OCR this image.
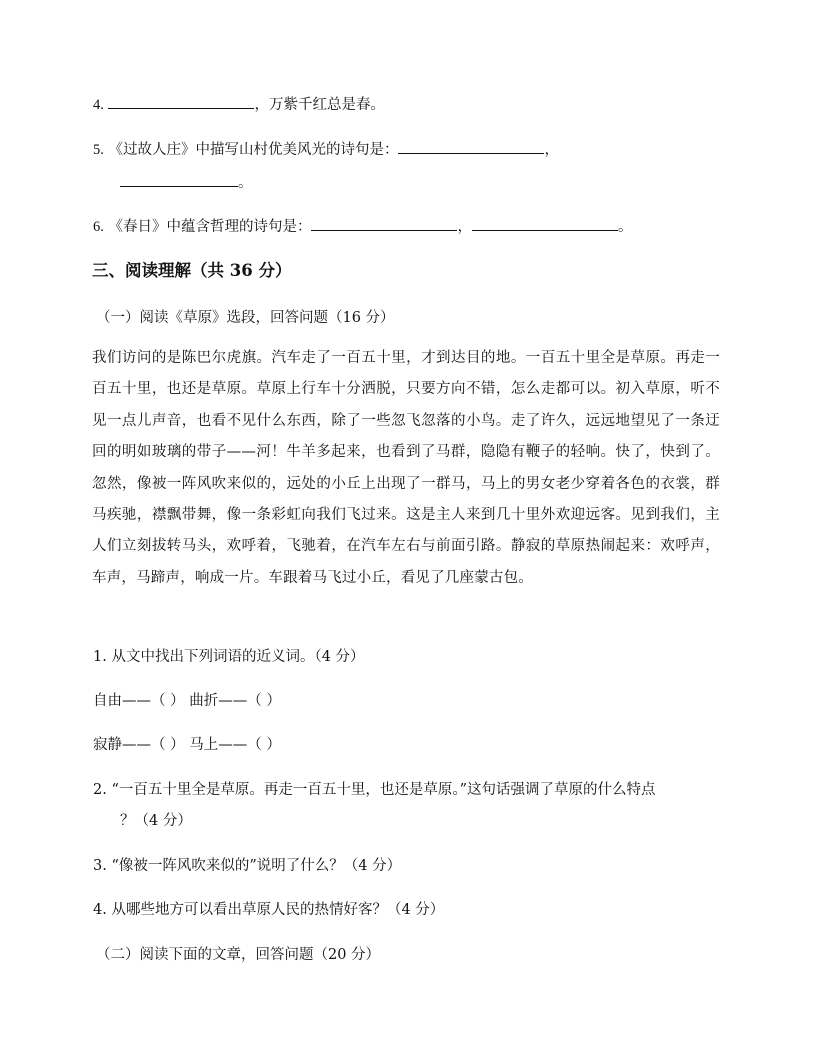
4.	，万紫千红总是春。
5. 《过故人庄》中描写山村优美风光的诗句是：	，
。
6. 《春日》中蕴含哲理的诗句是：	，	。
三、阅读理解（共 36 分）
（一）阅读《草原》选段，回答问题（16 分）

我们访问的是陈巴尔虎旗。汽车走了一百五十里，才到达目的地。一百五十里全是草原。再走一百五十里，也还是草原。草原上行车十分洒脱，只要方向不错，怎么走都可以。初入草原，听不见一点儿声音，也看不见什么东西，除了一些忽飞忽落的小鸟。走了许久，远远地望见了一条迂回的明如玻璃的带子——河！牛羊多起来，也看到了马群，隐隐有鞭子的轻响。快了，快到了。忽然，像被一阵风吹来似的，远处的小丘上出现了一群马，马上的男女老少穿着各色的衣裳，群马疾驰，襟飘带舞，像一条彩虹向我们飞过来。这是主人来到几十里外欢迎远客。见到我们，主人们立刻拔转马头，欢呼着，飞驰着，在汽车左右与前面引路。静寂的草原热闹起来：欢呼声，车声，马蹄声，响成一片。车跟着马飞过小丘，看见了几座蒙古包。

1. 从文中找出下列词语的近义词。（4 分）
自由——（ ） 曲折——（ ）
寂静——（ ） 马上——（ ）
2. “一百五十里全是草原。再走一百五十里，也还是草原。”这句话强调了草原的什么特点
？（4 分）
3. “像被一阵风吹来似的”说明了什么？（4 分）
4. 从哪些地方可以看出草原人民的热情好客？（4 分）
（二）阅读下面的文章，回答问题（20 分）
